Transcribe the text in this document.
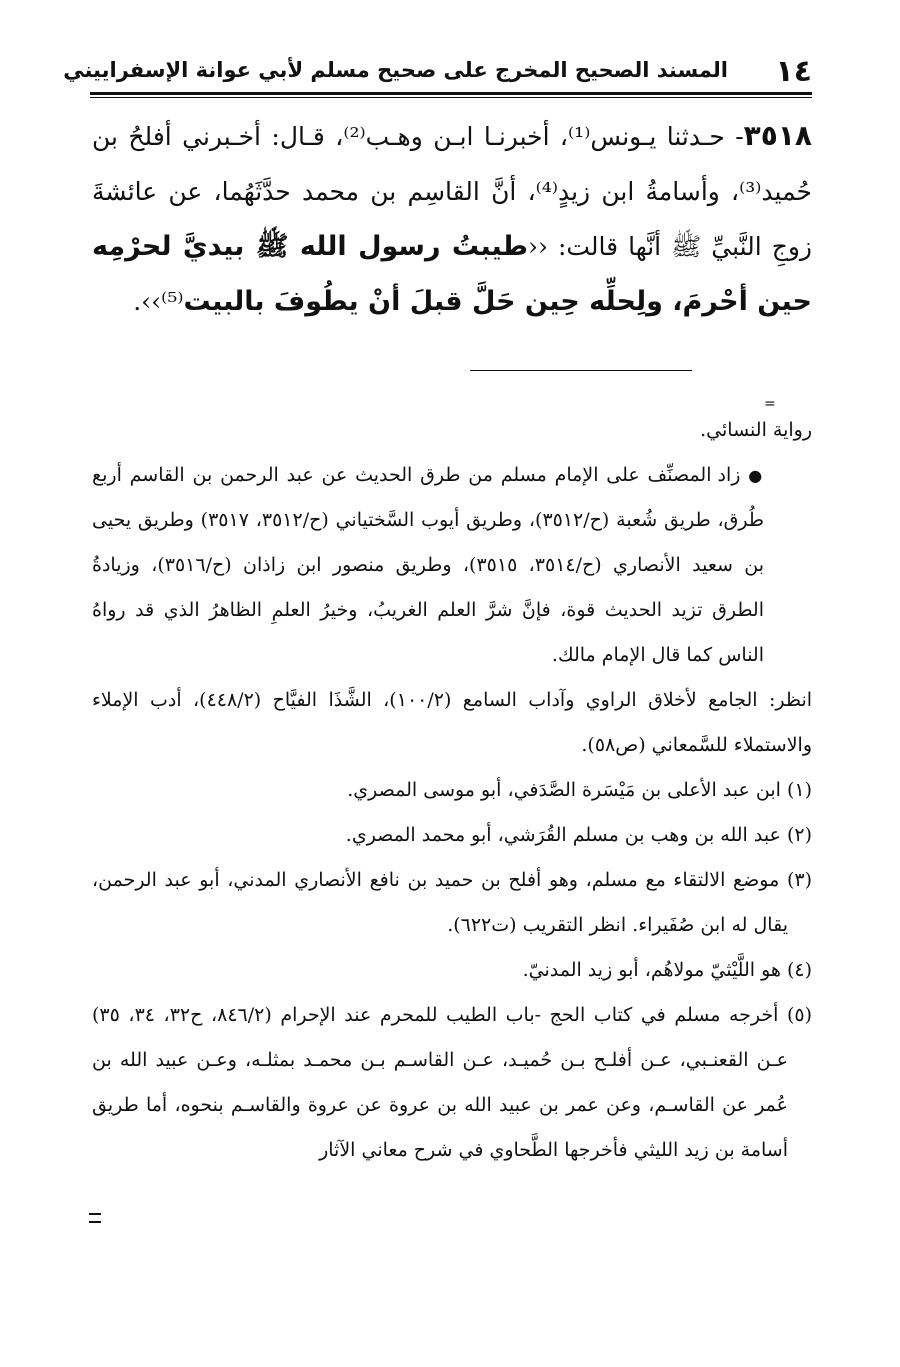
١٤
المسند الصحيح المخرج على صحيح مسلم لأبي عوانة الإسفراييني

٣٥١٨- حـدثنا يـونس⁽¹⁾، أخبرنـا ابـن وهـب⁽²⁾، قـال: أخـبرني أفلحُ بن حُميد⁽³⁾، وأسامةُ ابن زيدٍ⁽⁴⁾، أنَّ القاسِم بن محمد حدَّثَهُما، عن عائشةَ زوجِ النَّبيِّ ﷺ أنَّها قالت: ‹‹طيبتُ رسول الله ﷺ بيديَّ لحرْمِه حين أحْرمَ، ولِحلِّه حِين حَلَّ قبلَ أنْ يطُوفَ بالبيت⁽⁵⁾››.

=

رواية النسائي.

● زاد المصنِّف على الإمام مسلم من طرق الحديث عن عبد الرحمن بن القاسم أربع طُرق، طريق شُعبة (ح/٣٥١٢)، وطريق أيوب السَّختياني (ح/٣٥١٢، ٣٥١٧) وطريق يحيى بن سعيد الأنصاري (ح/٣٥١٤، ٣٥١٥)، وطريق منصور ابن زاذان (ح/٣٥١٦)، وزيادةُ الطرق تزيد الحديث قوة، فإنَّ شرَّ العلم الغريبُ، وخيرُ العلمِ الظاهرُ الذي قد رواهُ الناس كما قال الإمام مالك.

انظر: الجامع لأخلاق الراوي وآداب السامع (١٠٠/٢)، الشَّذَا الفيَّاح (٤٤٨/٢)، أدب الإملاء والاستملاء للسَّمعاني (ص٥٨).

(١) ابن عبد الأعلى بن مَيْسَرة الصَّدَفي، أبو موسى المصري.

(٢) عبد الله بن وهب بن مسلم القُرَشي، أبو محمد المصري.

(٣) موضع الالتقاء مع مسلم، وهو أفلح بن حميد بن نافع الأنصاري المدني، أبو عبد الرحمن، يقال له ابن صُفَيراء. انظر التقريب (ت٦٢٢).

(٤) هو اللَّيْثيّ مولاهُم، أبو زيد المدنيّ.

(٥) أخرجه مسلم في كتاب الحج -باب الطيب للمحرم عند الإحرام (٨٤٦/٢، ح٣٢، ٣٤، ٣٥) عـن القعنـبي، عـن أفلـح بـن حُميـد، عـن القاسـم بـن محمـد بمثلـه، وعـن عبيد الله بن عُمر عن القاسـم، وعن عمر بن عبيد الله بن عروة عن عروة والقاسـم بنحوه، أما طريق أسامة بن زيد الليثي فأخرجها الطَّحاوي في شرح معاني الآثار
